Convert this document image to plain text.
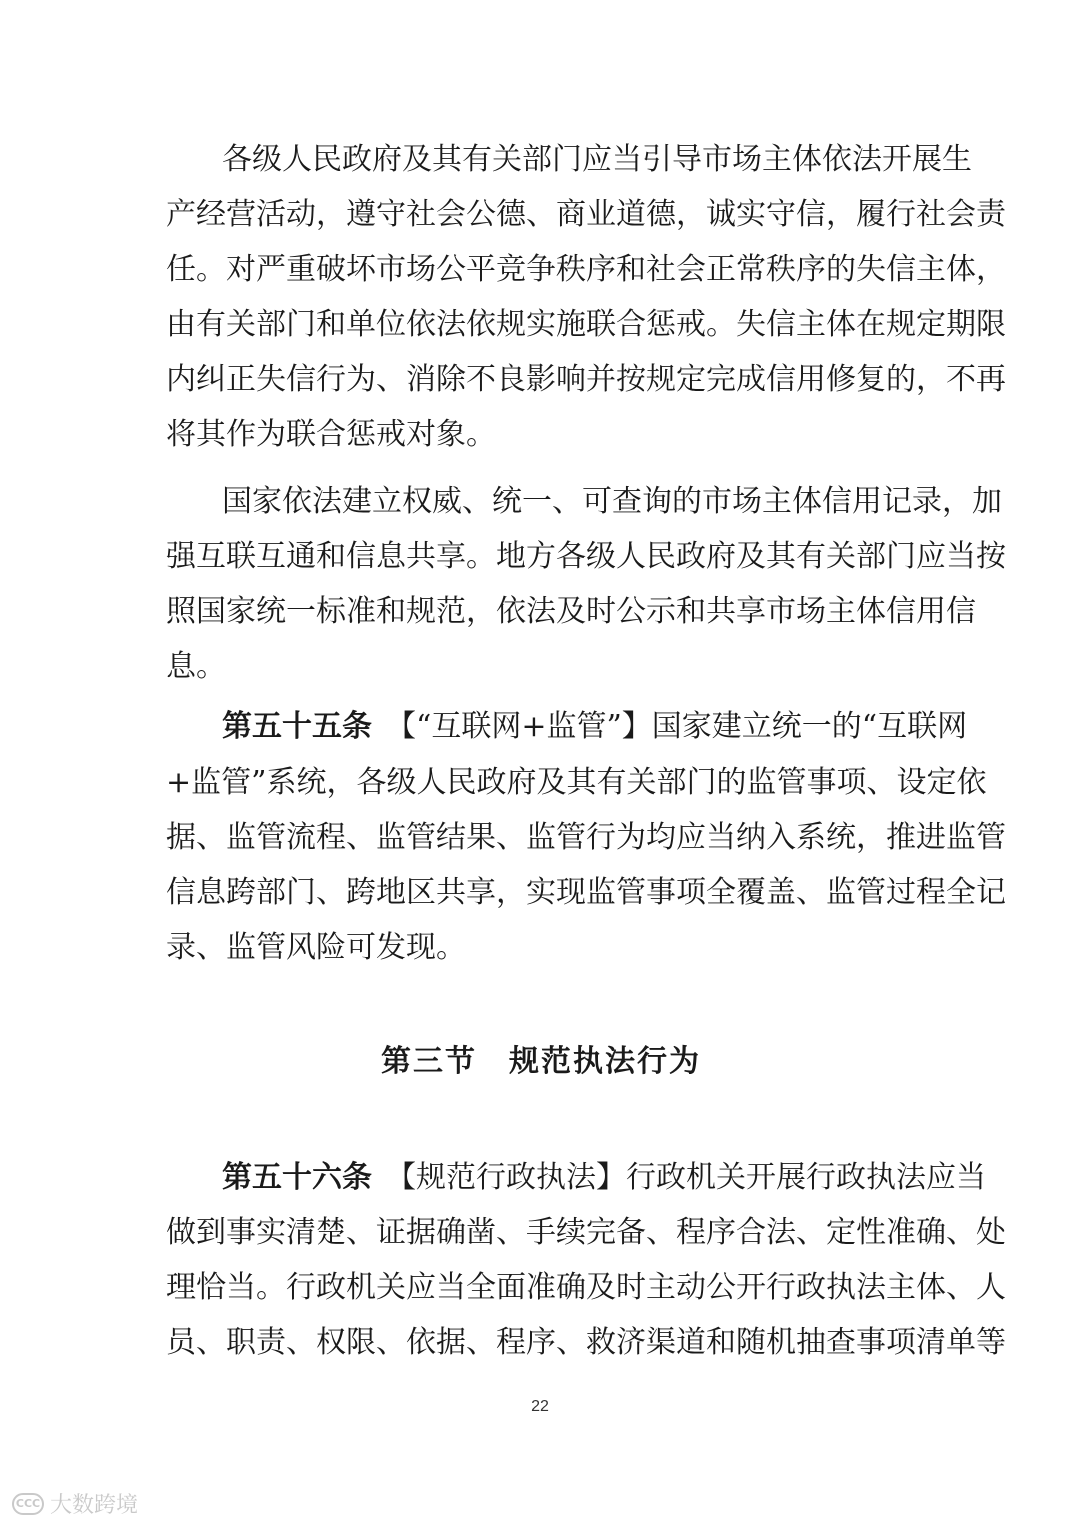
各级人民政府及其有关部门应当引导市场主体依法开展生
产经营活动，遵守社会公德、商业道德，诚实守信，履行社会责
任。对严重破坏市场公平竞争秩序和社会正常秩序的失信主体，
由有关部门和单位依法依规实施联合惩戒。失信主体在规定期限
内纠正失信行为、消除不良影响并按规定完成信用修复的，不再
将其作为联合惩戒对象。
国家依法建立权威、统一、可查询的市场主体信用记录，加
强互联互通和信息共享。地方各级人民政府及其有关部门应当按
照国家统一标准和规范，依法及时公示和共享市场主体信用信
息。
第五十五条 【“互联网+监管”】国家建立统一的“互联网
+监管”系统，各级人民政府及其有关部门的监管事项、设定依
据、监管流程、监管结果、监管行为均应当纳入系统，推进监管
信息跨部门、跨地区共享，实现监管事项全覆盖、监管过程全记
录、监管风险可发现。
第三节　规范执法行为
第五十六条 【规范行政执法】行政机关开展行政执法应当
做到事实清楚、证据确凿、手续完备、程序合法、定性准确、处
理恰当。行政机关应当全面准确及时主动公开行政执法主体、人
员、职责、权限、依据、程序、救济渠道和随机抽查事项清单等
22
CCC 大数跨境
